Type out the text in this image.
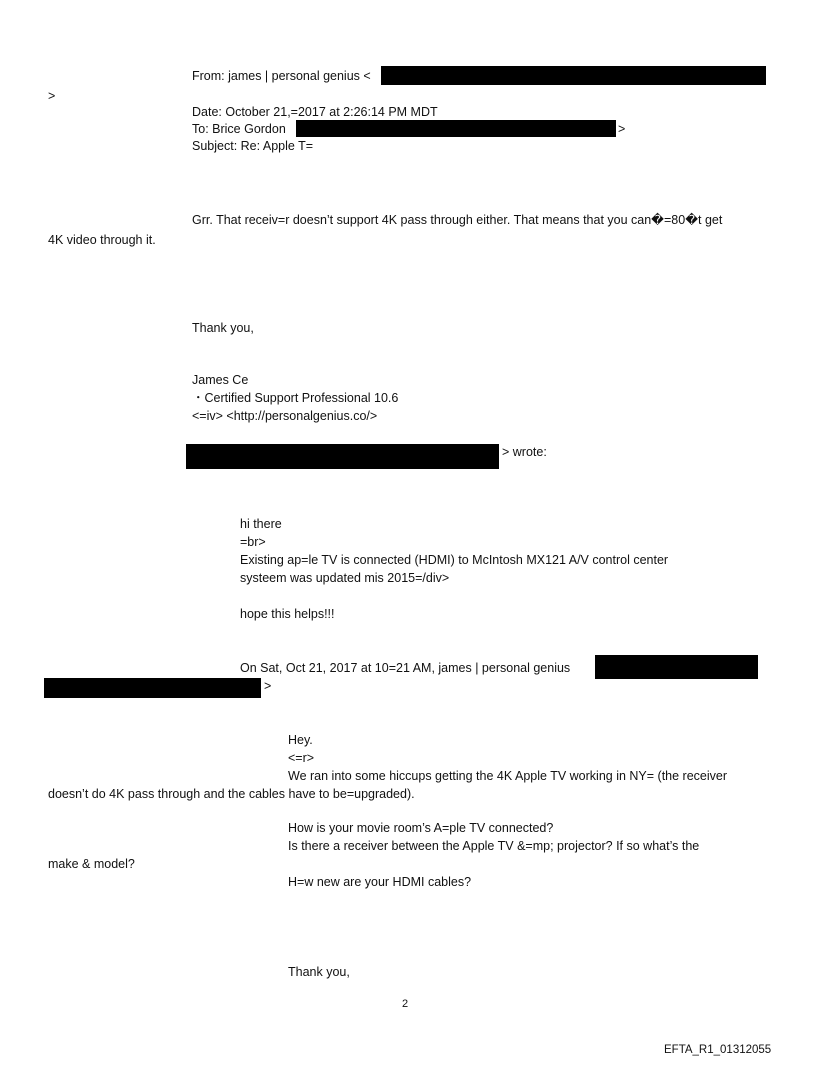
From: james | personal genius <
>
Date: October 21,=2017 at 2:26:14 PM MDT
To: Brice Gordon	>
Subject: Re: Apple T=
Grr. That receiv=r doesn’t support 4K pass through either. That means that you can�=80�t get
4K video through it.
Thank you,
James Ce
・Certified Support Professional 10.6
<=iv> <http://personalgenius.co/>
> wrote:
hi there
=br>
Existing ap=le TV is connected (HDMI) to McIntosh MX121 A/V control center
systeem was updated mis 2015=/div>
hope this helps!!!
On Sat, Oct 21, 2017 at 10=21 AM, james | personal genius
>
Hey.
<=r>
We ran into some hiccups getting the 4K Apple TV working in NY= (the receiver
doesn’t do 4K pass through and the cables have to be=upgraded).
How is your movie room’s A=ple TV connected?
Is there a receiver between the Apple TV &=mp; projector? If so what’s the
make & model?
H=w new are your HDMI cables?
Thank you,
2
EFTA_R1_01312055
